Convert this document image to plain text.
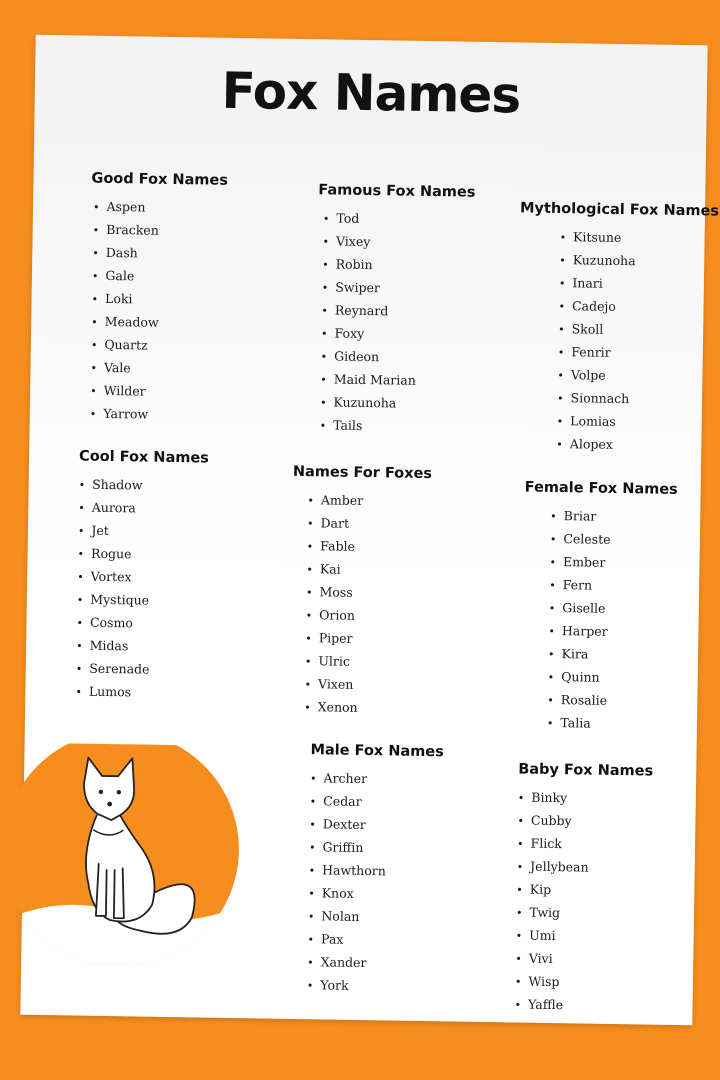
Fox Names
Good Fox Names
• Aspen
• Bracken
• Dash
• Gale
• Loki
• Meadow
• Quartz
• Vale
• Wilder
• Yarrow
Famous Fox Names
• Tod
• Vixey
• Robin
• Swiper
• Reynard
• Foxy
• Gideon
• Maid Marian
• Kuzunoha
• Tails
Mythological Fox Names
• Kitsune
• Kuzunoha
• Inari
• Cadejo
• Skoll
• Fenrir
• Volpe
• Sionnach
• Lomias
• Alopex
Cool Fox Names
• Shadow
• Aurora
• Jet
• Rogue
• Vortex
• Mystique
• Cosmo
• Midas
• Serenade
• Lumos
Names For Foxes
• Amber
• Dart
• Fable
• Kai
• Moss
• Orion
• Piper
• Ulric
• Vixen
• Xenon
Female Fox Names
• Briar
• Celeste
• Ember
• Fern
• Giselle
• Harper
• Kira
• Quinn
• Rosalie
• Talia
Male Fox Names
• Archer
• Cedar
• Dexter
• Griffin
• Hawthorn
• Knox
• Nolan
• Pax
• Xander
• York
Baby Fox Names
• Binky
• Cubby
• Flick
• Jellybean
• Kip
• Twig
• Umi
• Vivi
• Wisp
• Yaffle
